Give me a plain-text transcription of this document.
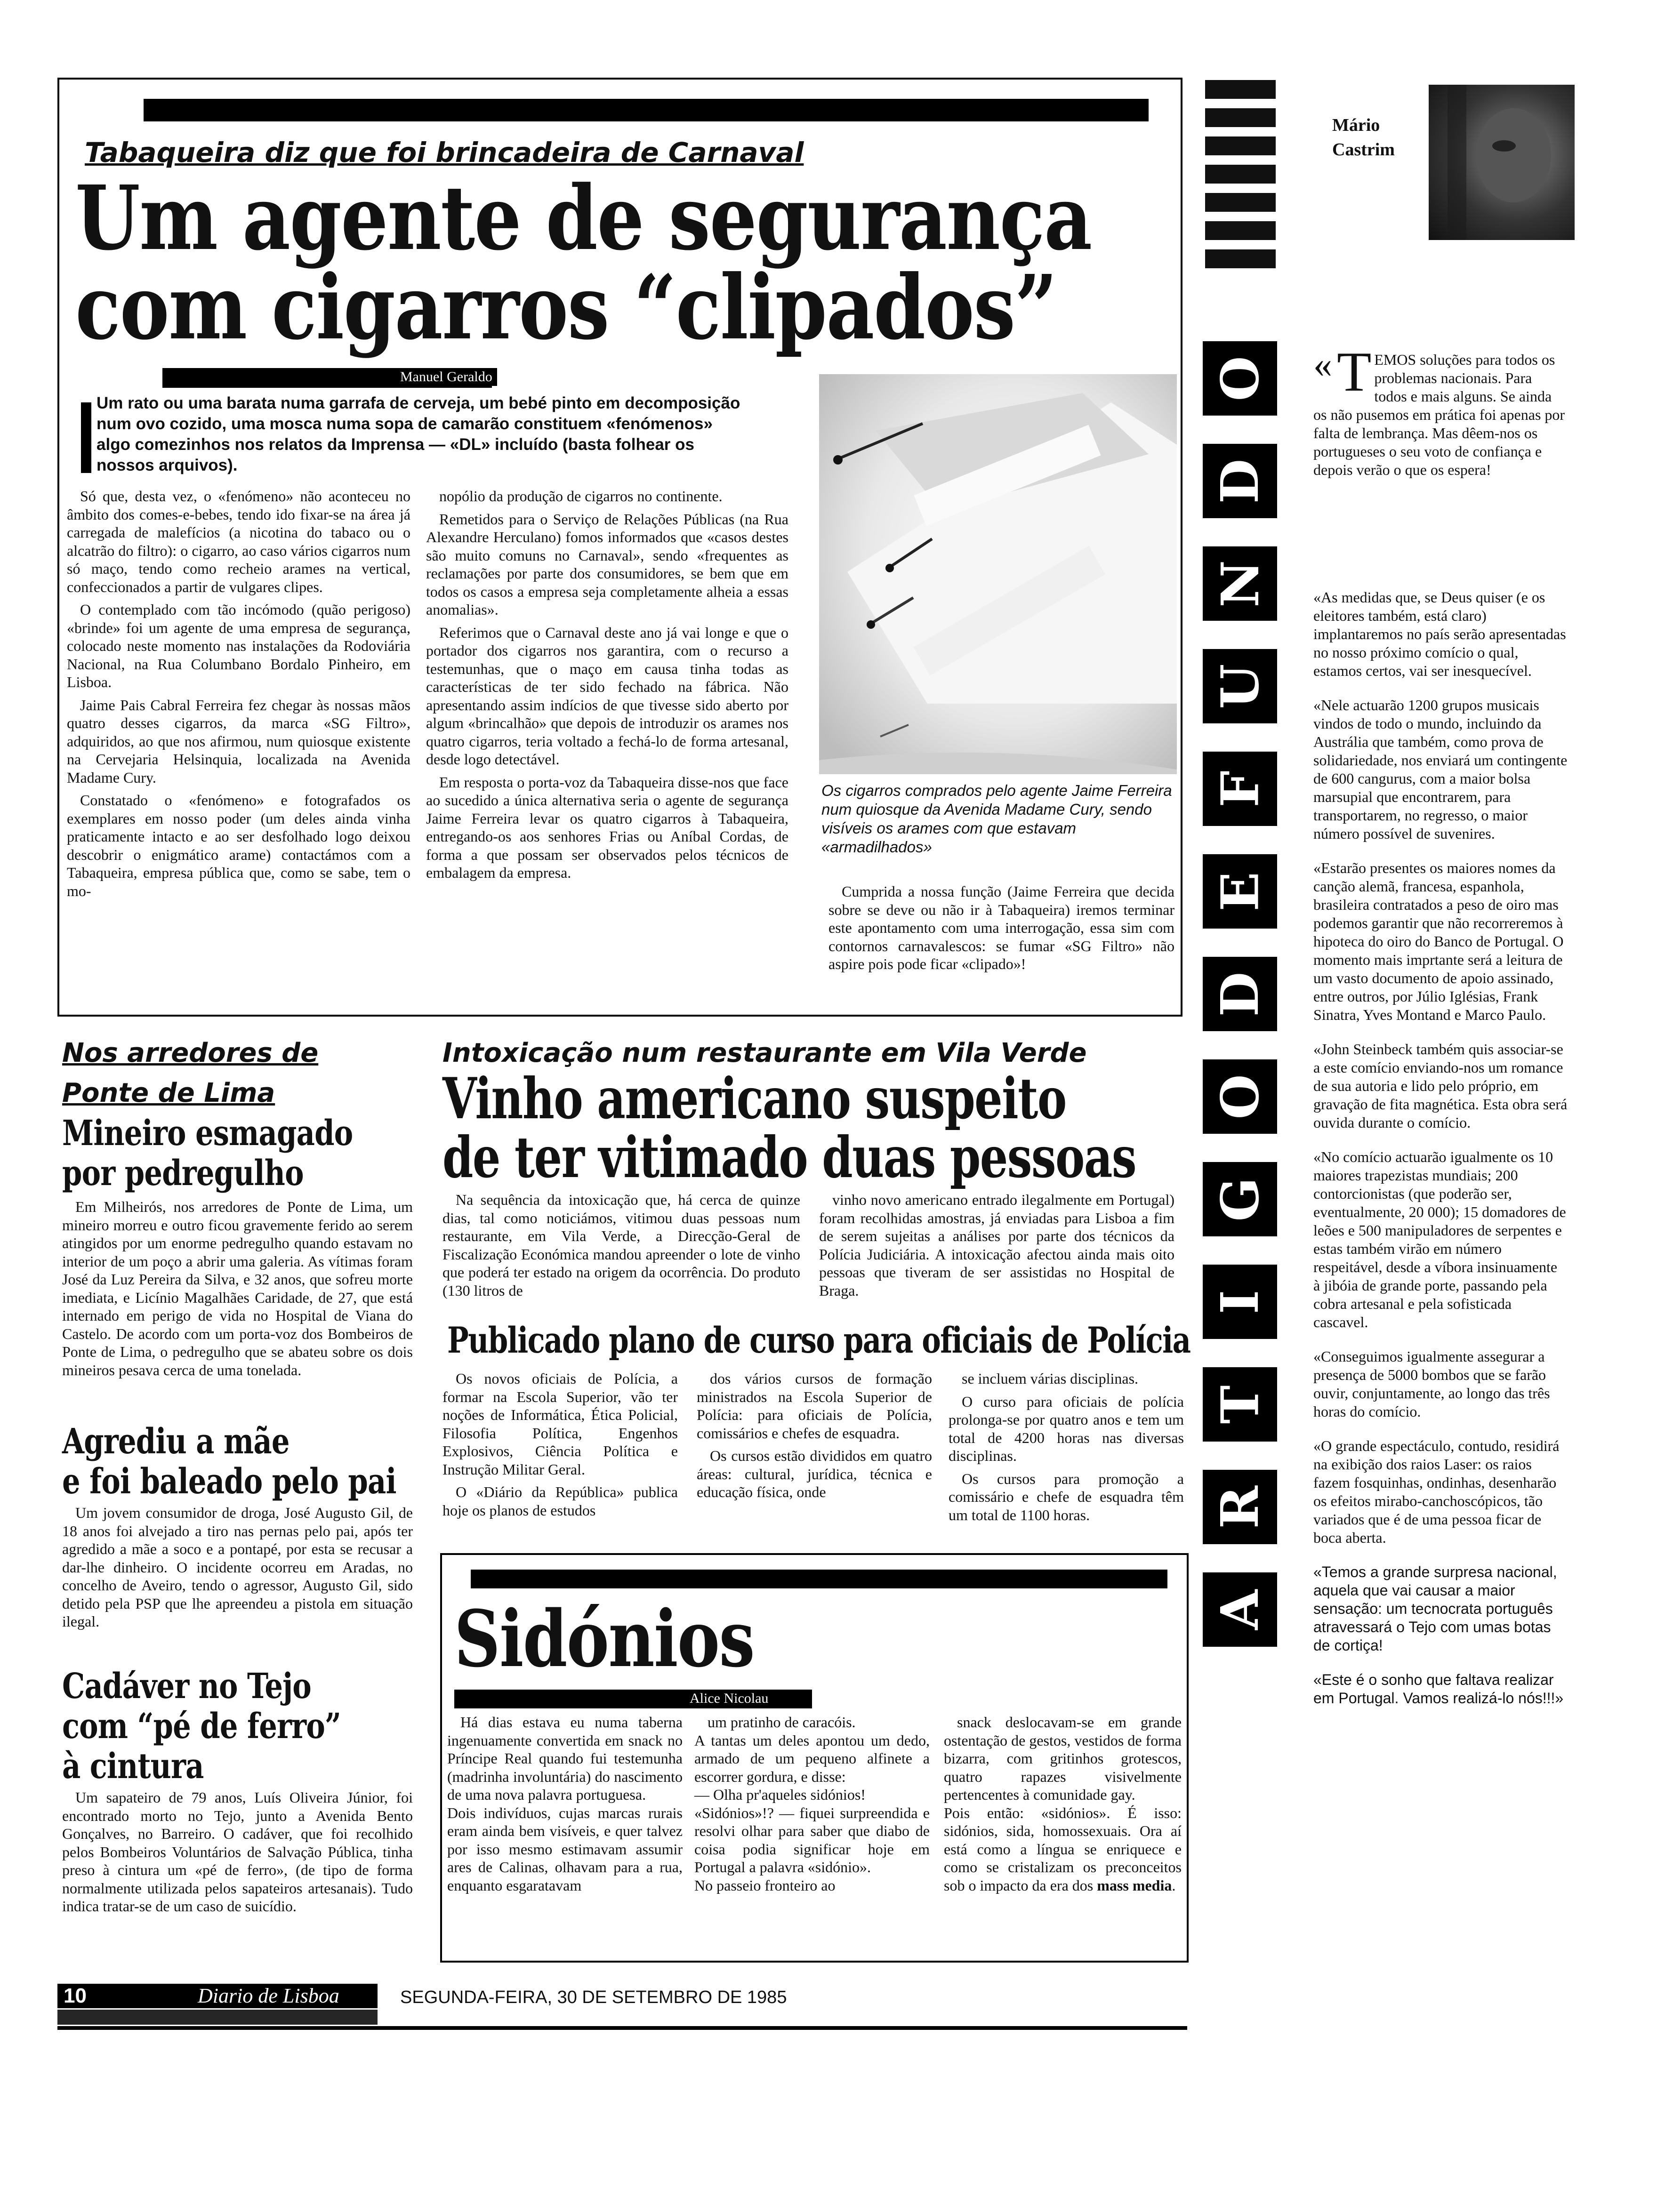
Tabaqueira diz que foi brincadeira de Carnaval
Um agente de segurança
com cigarros “clipados”
Manuel Geraldo
Um rato ou uma barata numa garrafa de cerveja, um bebé pinto em decomposição num ovo cozido, uma mosca numa sopa de camarão constituem «fenómenos» algo comezinhos nos relatos da Imprensa — «DL» incluído (basta folhear os nossos arquivos).

Só que, desta vez, o «fenómeno» não aconteceu no âmbito dos comes-e-bebes, tendo ido fixar-se na área já carregada de malefícios (a nicotina do tabaco ou o alcatrão do filtro): o cigarro, ao caso vários cigarros num só maço, tendo como recheio arames na vertical, confeccionados a partir de vulgares clipes.

O contemplado com tão incómodo (quão perigoso) «brinde» foi um agente de uma empresa de segurança, colocado neste momento nas instalações da Rodoviária Nacional, na Rua Columbano Bordalo Pinheiro, em Lisboa.

Jaime Pais Cabral Ferreira fez chegar às nossas mãos quatro desses cigarros, da marca «SG Filtro», adquiridos, ao que nos afirmou, num quiosque existente na Cervejaria Helsinquia, localizada na Avenida Madame Cury.

Constatado o «fenómeno» e fotografados os exemplares em nosso poder (um deles ainda vinha praticamente intacto e ao ser desfolhado logo deixou descobrir o enigmático arame) contactámos com a Tabaqueira, empresa pública que, como se sabe, tem o mo-

nopólio da produção de cigarros no continente.

Remetidos para o Serviço de Relações Públicas (na Rua Alexandre Herculano) fomos informados que «casos destes são muito comuns no Carnaval», sendo «frequentes as reclamações por parte dos consumidores, se bem que em todos os casos a empresa seja completamente alheia a essas anomalias».

Referimos que o Carnaval deste ano já vai longe e que o portador dos cigarros nos garantira, com o recurso a testemunhas, que o maço em causa tinha todas as características de ter sido fechado na fábrica. Não apresentando assim indícios de que tivesse sido aberto por algum «brincalhão» que depois de introduzir os arames nos quatro cigarros, teria voltado a fechá-lo de forma artesanal, desde logo detectável.

Em resposta o porta-voz da Tabaqueira disse-nos que face ao sucedido a única alternativa seria o agente de segurança Jaime Ferreira levar os quatro cigarros à Tabaqueira, entregando-os aos senhores Frias ou Aníbal Cordas, de forma a que possam ser observados pelos técnicos de embalagem da empresa.

Os cigarros comprados pelo agente Jaime Ferreira num quiosque da Avenida Madame Cury, sendo visíveis os arames com que estavam «armadilhados»
Cumprida a nossa função (Jaime Ferreira que decida sobre se deve ou não ir à Tabaqueira) iremos terminar este apontamento com uma interrogação, essa sim com contornos carnavalescos: se fumar «SG Filtro» não aspire pois pode ficar «clipado»!
O
D
N
U
F
E
D
O
G
I
T
R
A
Mário Castrim
« T EMOS soluções para todos os problemas nacionais. Para todos e mais alguns. Se ainda os não pusemos em prática foi apenas por falta de lembrança. Mas dêem-nos os portugueses o seu voto de confiança e depois verão o que os espera!

«As medidas que, se Deus quiser (e os eleitores também, está claro) implantaremos no país serão apresentadas no nosso próximo comício o qual, estamos certos, vai ser inesquecível.

«Nele actuarão 1200 grupos musicais vindos de todo o mundo, incluindo da Austrália que também, como prova de solidariedade, nos enviará um contingente de 600 cangurus, com a maior bolsa marsupial que encontrarem, para transportarem, no regresso, o maior número possível de suvenires.

«Estarão presentes os maiores nomes da canção alemã, francesa, espanhola, brasileira contratados a peso de oiro mas podemos garantir que não recorreremos à hipoteca do oiro do Banco de Portugal. O momento mais imprtante será a leitura de um vasto documento de apoio assinado, entre outros, por Júlio Iglésias, Frank Sinatra, Yves Montand e Marco Paulo.

«John Steinbeck também quis associar-se a este comício enviando-nos um romance de sua autoria e lido pelo próprio, em gravação de fita magnética. Esta obra será ouvida durante o comício.

«No comício actuarão igualmente os 10 maiores trapezistas mundiais; 200 contorcionistas (que poderão ser, eventualmente, 20 000); 15 domadores de leões e 500 manipuladores de serpentes e estas também virão em número respeitável, desde a víbora insinuamente à jibóia de grande porte, passando pela cobra artesanal e pela sofisticada cascavel.

«Conseguimos igualmente assegurar a presença de 5000 bombos que se farão ouvir, conjuntamente, ao longo das três horas do comício.

«O grande espectáculo, contudo, residirá na exibição dos raios Laser: os raios fazem fosquinhas, ondinhas, desenharão os efeitos mirabo-canchoscópicos, tão variados que é de uma pessoa ficar de boca aberta.

«Temos a grande surpresa nacional, aquela que vai causar a maior sensação: um tecnocrata português atravessará o Tejo com umas botas de cortiça!

«Este é o sonho que faltava realizar em Portugal. Vamos realizá-lo nós!!!»

Nos arredores de
Ponte de Lima
Mineiro esmagado
por pedregulho
Em Milheirós, nos arredores de Ponte de Lima, um mineiro morreu e outro ficou gravemente ferido ao serem atingidos por um enorme pedregulho quando estavam no interior de um poço a abrir uma galeria. As vítimas foram José da Luz Pereira da Silva, e 32 anos, que sofreu morte imediata, e Licínio Magalhães Caridade, de 27, que está internado em perigo de vida no Hospital de Viana do Castelo. De acordo com um porta-voz dos Bombeiros de Ponte de Lima, o pedregulho que se abateu sobre os dois mineiros pesava cerca de uma tonelada.
Agrediu a mãe
e foi baleado pelo pai
Um jovem consumidor de droga, José Augusto Gil, de 18 anos foi alvejado a tiro nas pernas pelo pai, após ter agredido a mãe a soco e a pontapé, por esta se recusar a dar-lhe dinheiro. O incidente ocorreu em Aradas, no concelho de Aveiro, tendo o agressor, Augusto Gil, sido detido pela PSP que lhe apreendeu a pistola em situação ilegal.
Cadáver no Tejo
com “pé de ferro”
à cintura
Um sapateiro de 79 anos, Luís Oliveira Júnior, foi encontrado morto no Tejo, junto a Avenida Bento Gonçalves, no Barreiro. O cadáver, que foi recolhido pelos Bombeiros Voluntários de Salvação Pública, tinha preso à cintura um «pé de ferro», (de tipo de forma normalmente utilizada pelos sapateiros artesanais). Tudo indica tratar-se de um caso de suicídio.
Intoxicação num restaurante em Vila Verde
Vinho americano suspeito
de ter vitimado duas pessoas
Na sequência da intoxicação que, há cerca de quinze dias, tal como noticiámos, vitimou duas pessoas num restaurante, em Vila Verde, a Direcção-Geral de Fiscalização Económica mandou apreender o lote de vinho que poderá ter estado na origem da ocorrência. Do produto (130 litros de
vinho novo americano entrado ilegalmente em Portugal) foram recolhidas amostras, já enviadas para Lisboa a fim de serem sujeitas a análises por parte dos técnicos da Polícia Judiciária. A intoxicação afectou ainda mais oito pessoas que tiveram de ser assistidas no Hospital de Braga.
Publicado plano de curso para oficiais de Polícia

Os novos oficiais de Polícia, a formar na Escola Superior, vão ter noções de Informática, Ética Policial, Filosofia Política, Engenhos Explosivos, Ciência Política e Instrução Militar Geral.

O «Diário da República» publica hoje os planos de estudos

dos vários cursos de formação ministrados na Escola Superior de Polícia: para oficiais de Polícia, comissários e chefes de esquadra.

Os cursos estão divididos em quatro áreas: cultural, jurídica, técnica e educação física, onde

se incluem várias disciplinas.

O curso para oficiais de polícia prolonga-se por quatro anos e tem um total de 4200 horas nas diversas disciplinas.

Os cursos para promoção a comissário e chefe de esquadra têm um total de 1100 horas.

Sidónios
Alice Nicolau
Há dias estava eu numa taberna ingenuamente convertida em snack no Príncipe Real quando fui testemunha (madrinha involuntária) do nascimento de uma nova palavra portuguesa.
Dois indivíduos, cujas marcas rurais eram ainda bem visíveis, e quer talvez por isso mesmo estimavam assumir ares de Calinas, olhavam para a rua, enquanto esgaratavam
um pratinho de caracóis.
A tantas um deles apontou um dedo, armado de um pequeno alfinete a escorrer gordura, e disse:
— Olha pr'aqueles sidónios!
«Sidónios»!? — fiquei surpreendida e resolvi olhar para saber que diabo de coisa podia significar hoje em Portugal a palavra «sidónio».
No passeio fronteiro ao
snack deslocavam-se em grande ostentação de gestos, vestidos de forma bizarra, com gritinhos grotescos, quatro rapazes visivelmente pertencentes à comunidade gay.
Pois então: «sidónios». É isso: sidónios, sida, homossexuais. Ora aí está como a língua se enriquece e como se cristalizam os preconceitos sob o impacto da era dos mass media.
10	Diario de Lisboa	SEGUNDA-FEIRA, 30 DE SETEMBRO DE 1985
